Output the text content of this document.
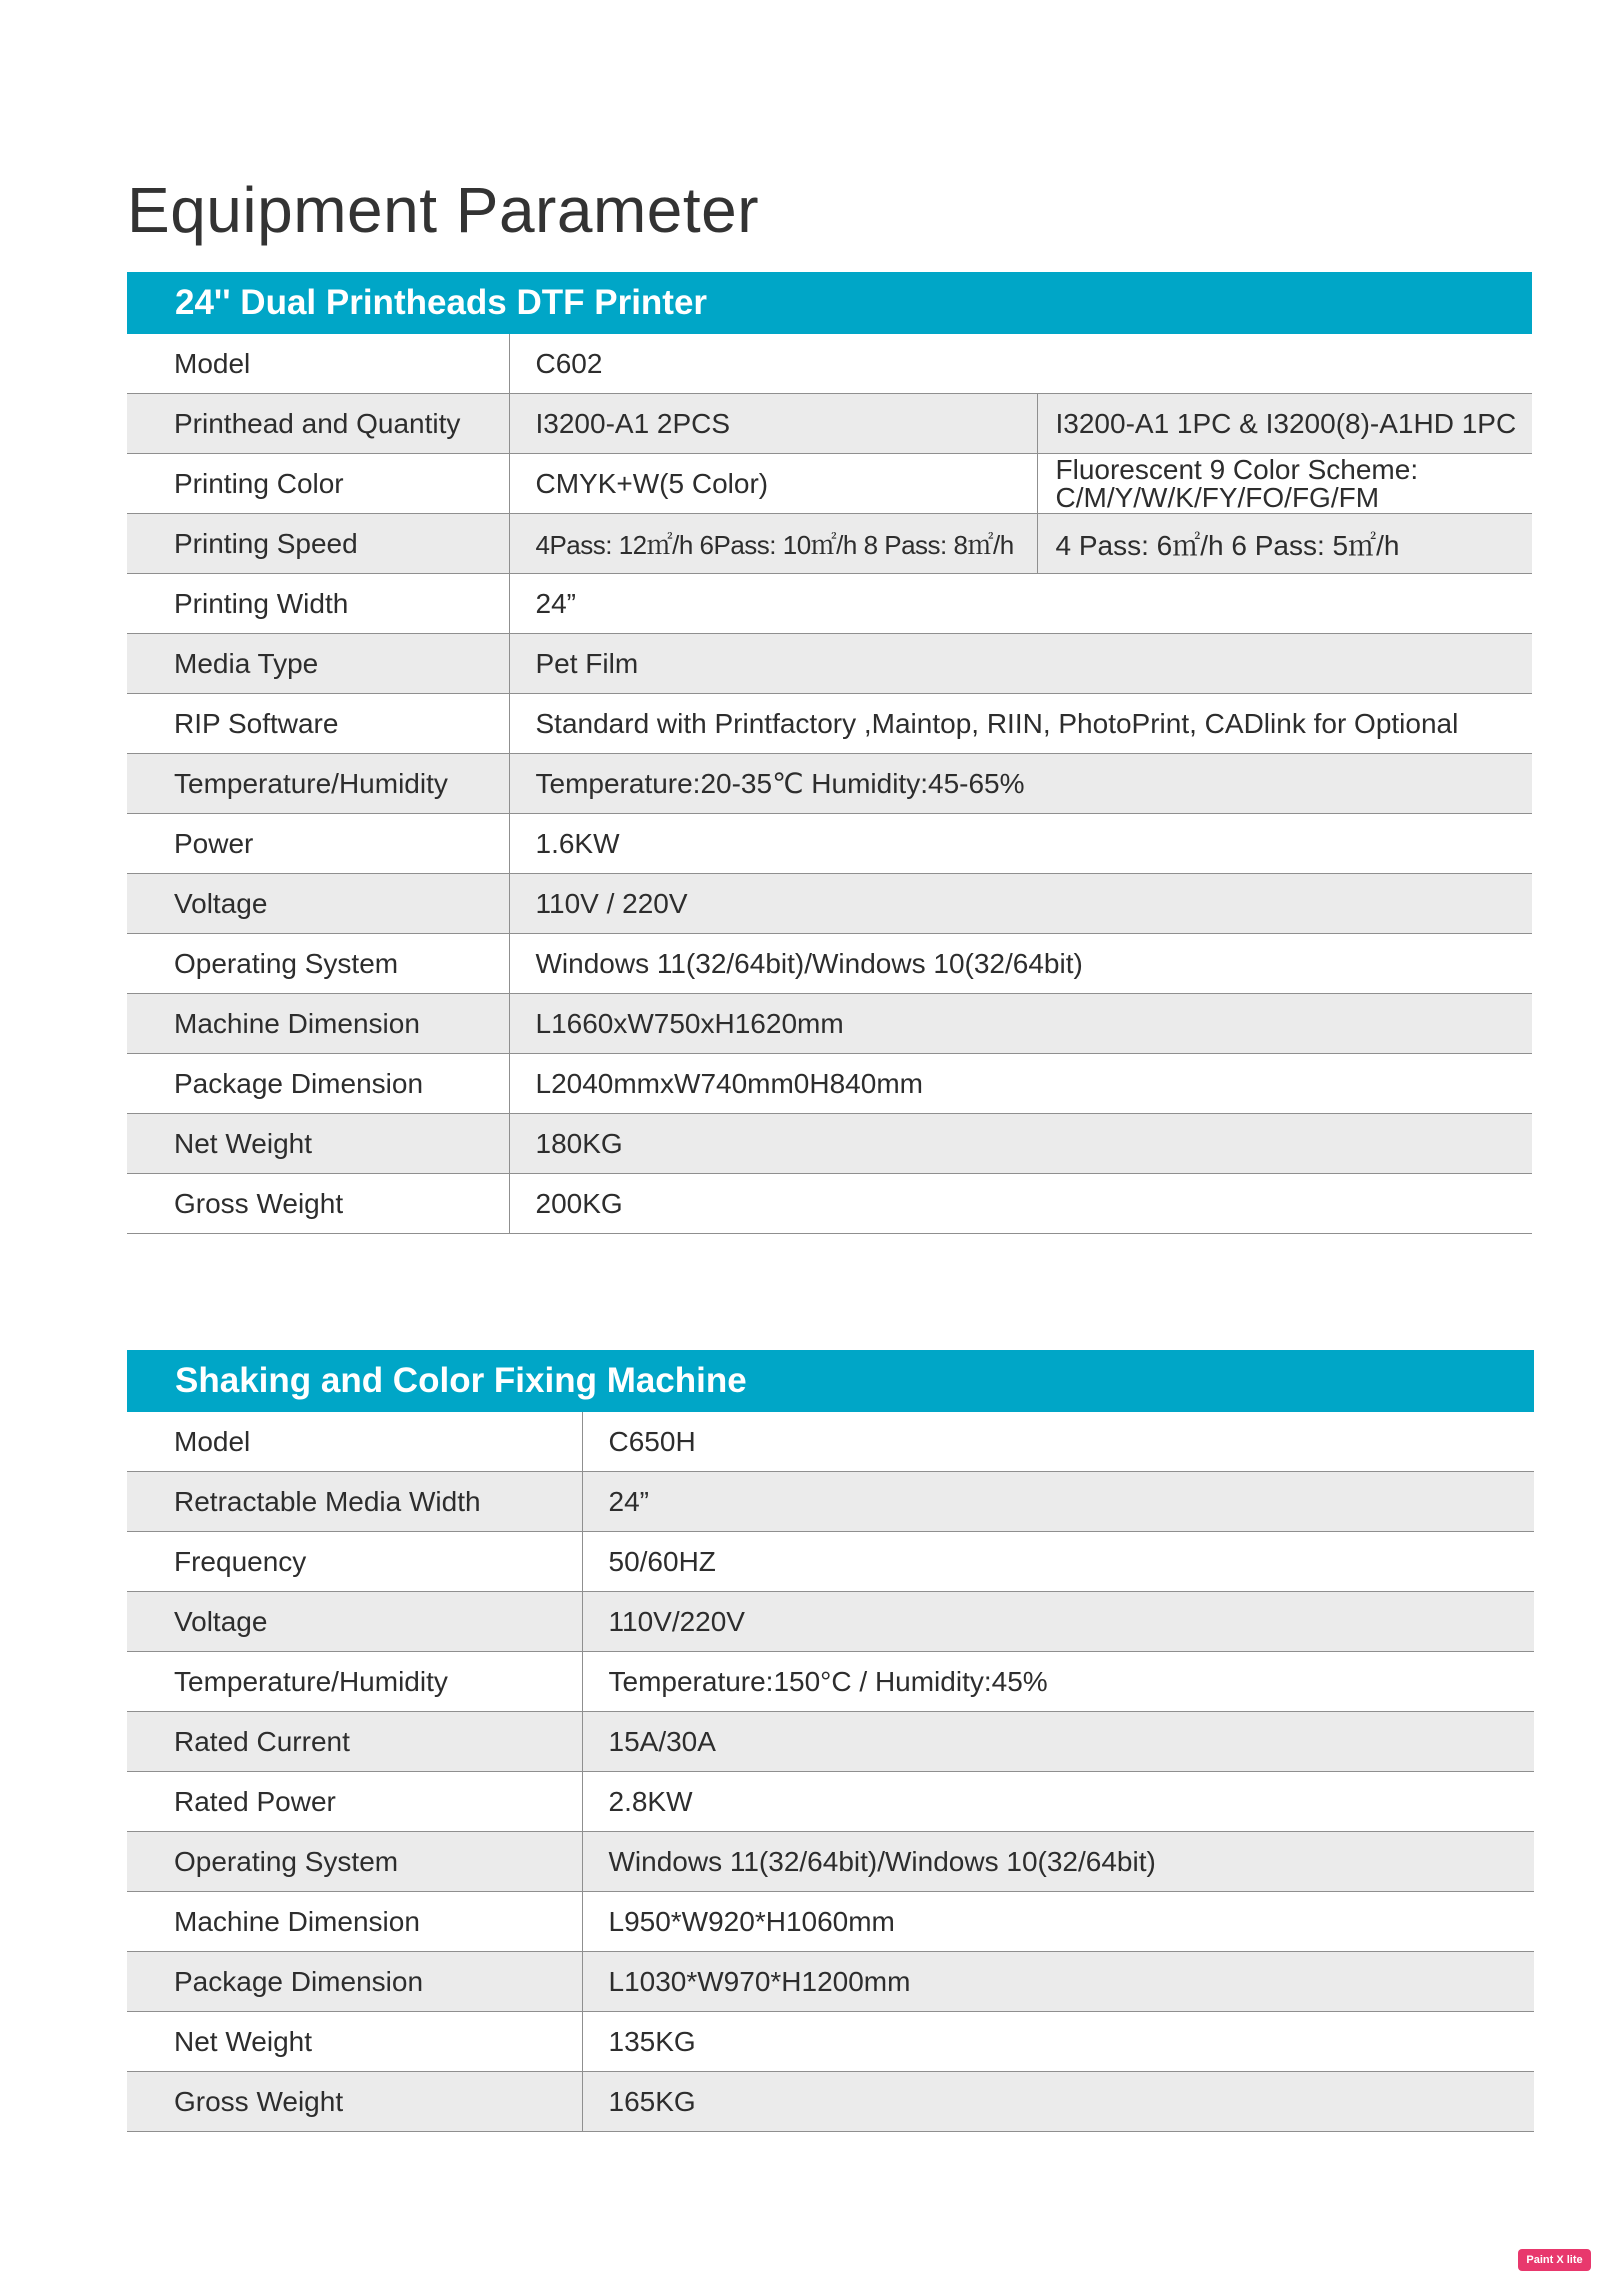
Equipment Parameter
24'' Dual Printheads DTF Printer
Model	C602	
Printhead and Quantity	I3200-A1 2PCS	I3200-A1 1PC & I3200(8)-A1HD 1PC
Printing Color	CMYK+W(5 Color)	Fluorescent 9 Color Scheme:
C/M/Y/W/K/FY/FO/FG/FM

Printing Speed	4Pass: 12㎡/h 6Pass: 10㎡/h 8 Pass: 8㎡/h	4 Pass: 6㎡/h 6 Pass: 5㎡/h
Printing Width	24”	
Media Type	Pet Film	
RIP Software	Standard with Printfactory ,Maintop, RIIN, PhotoPrint, CADlink for Optional	
Temperature/Humidity	Temperature:20-35℃ Humidity:45-65%	
Power	1.6KW	
Voltage	110V / 220V	
Operating System	Windows 11(32/64bit)/Windows 10(32/64bit)	
Machine Dimension	L1660xW750xH1620mm	
Package Dimension	L2040mmxW740mm0H840mm	
Net Weight	180KG	
Gross Weight	200KG	
Shaking and Color Fixing Machine
Model	C650H
Retractable Media Width	24”
Frequency	50/60HZ
Voltage	110V/220V
Temperature/Humidity	Temperature:150°C / Humidity:45%
Rated Current	15A/30A
Rated Power	2.8KW
Operating System	Windows 11(32/64bit)/Windows 10(32/64bit)
Machine Dimension	L950*W920*H1060mm
Package Dimension	L1030*W970*H1200mm
Net Weight	135KG
Gross Weight	165KG
Paint X lite
